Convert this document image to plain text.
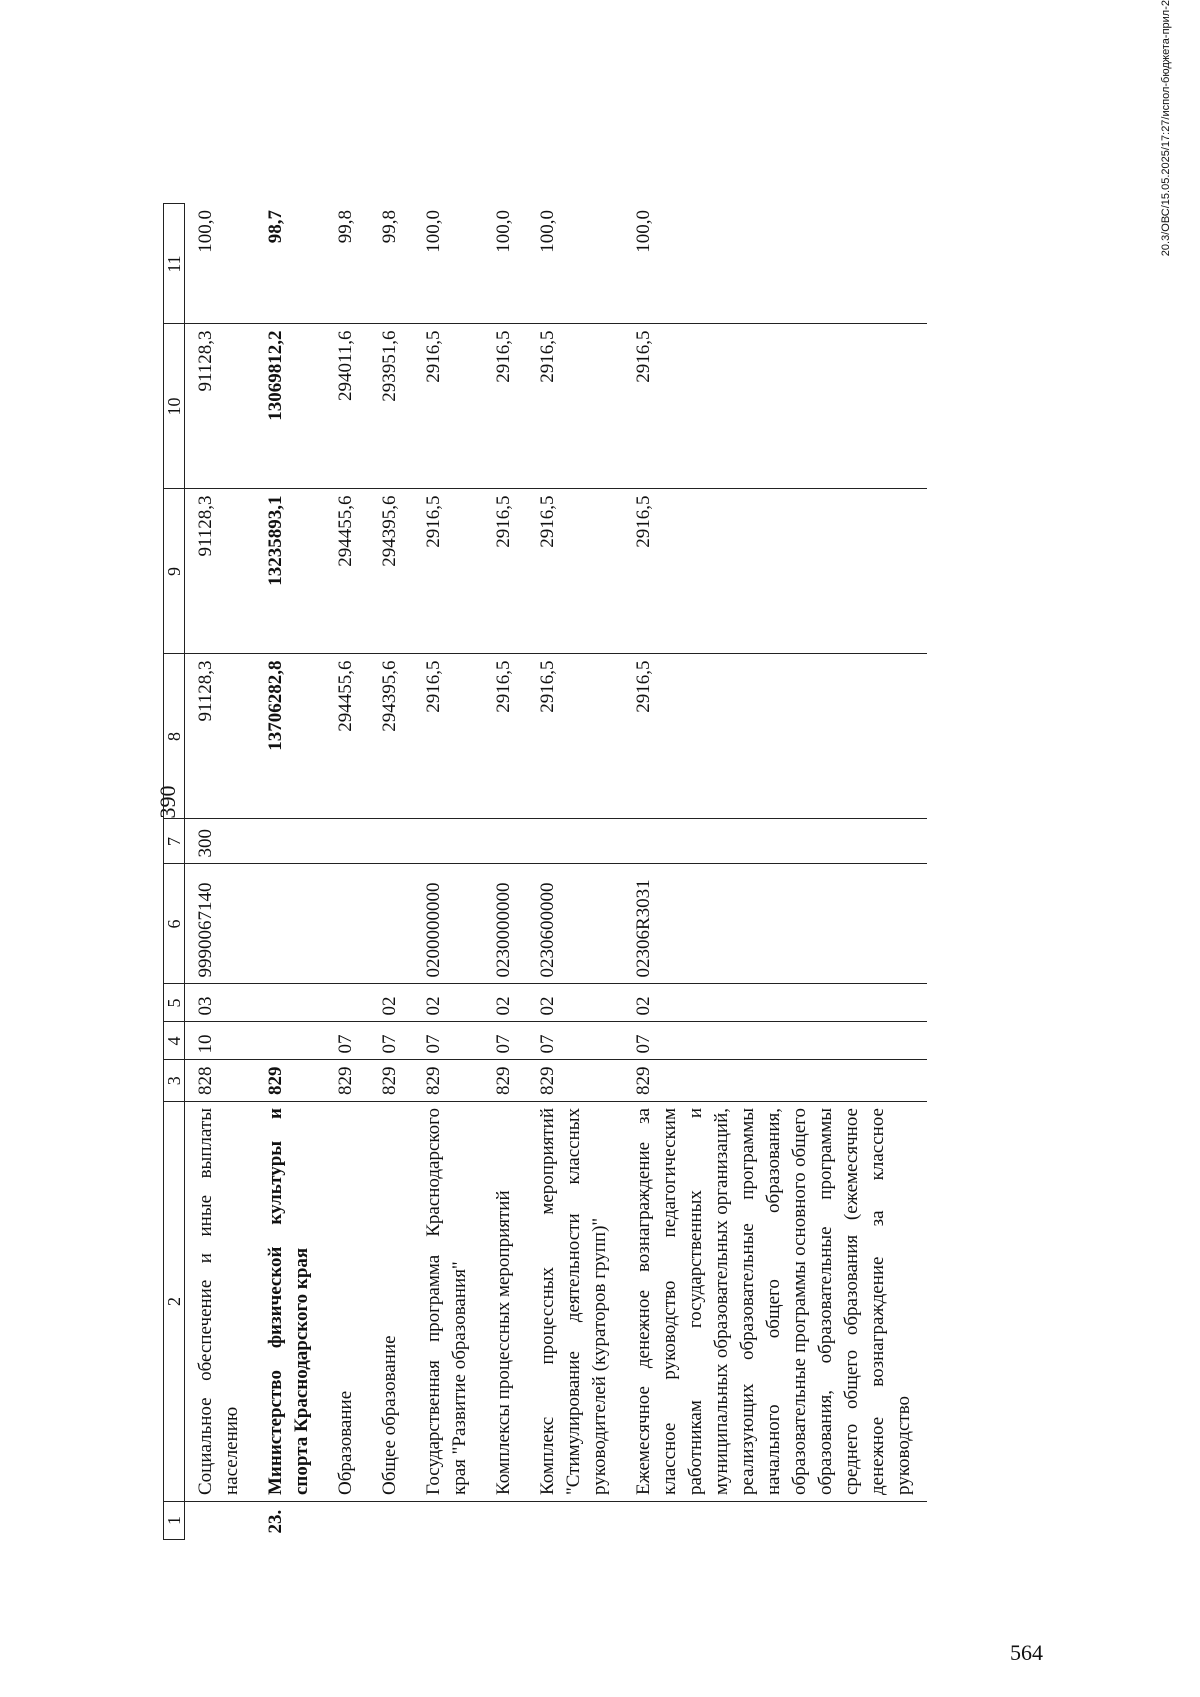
390
1	2	3	4	5	6	7	8	9	10	11
	Социальное обеспечение и иные выплаты населению	828	10	03	9990067140	300	91128,3	91128,3	91128,3	100,0
23.	Министерство физической культуры и спорта Краснодарского края	829					13706282,8	13235893,1	13069812,2	98,7
	Образование	829	07				294455,6	294455,6	294011,6	99,8
	Общее образование	829	07	02			294395,6	294395,6	293951,6	99,8
	Государственная программа Краснодарского края "Развитие образования"	829	07	02	0200000000		2916,5	2916,5	2916,5	100,0
	Комплексы процессных мероприятий	829	07	02	0230000000		2916,5	2916,5	2916,5	100,0
	Комплекс процессных мероприятий "Стимулирование деятельности классных руководителей (кураторов групп)"	829	07	02	0230600000		2916,5	2916,5	2916,5	100,0
	Ежемесячное денежное вознаграждение за классное руководство педагогическим работникам государственных и муниципальных образовательных организаций, реализующих образовательные программы начального общего образования, образовательные программы основного общего образования, образовательные программы среднего общего образования (ежемесячное денежное вознаграждение за классное руководство	829	07	02	02306R3031		2916,5	2916,5	2916,5	100,0	20.3/ОВС/15.05.2025/17:27/испол-бюджета-прил-2
564
